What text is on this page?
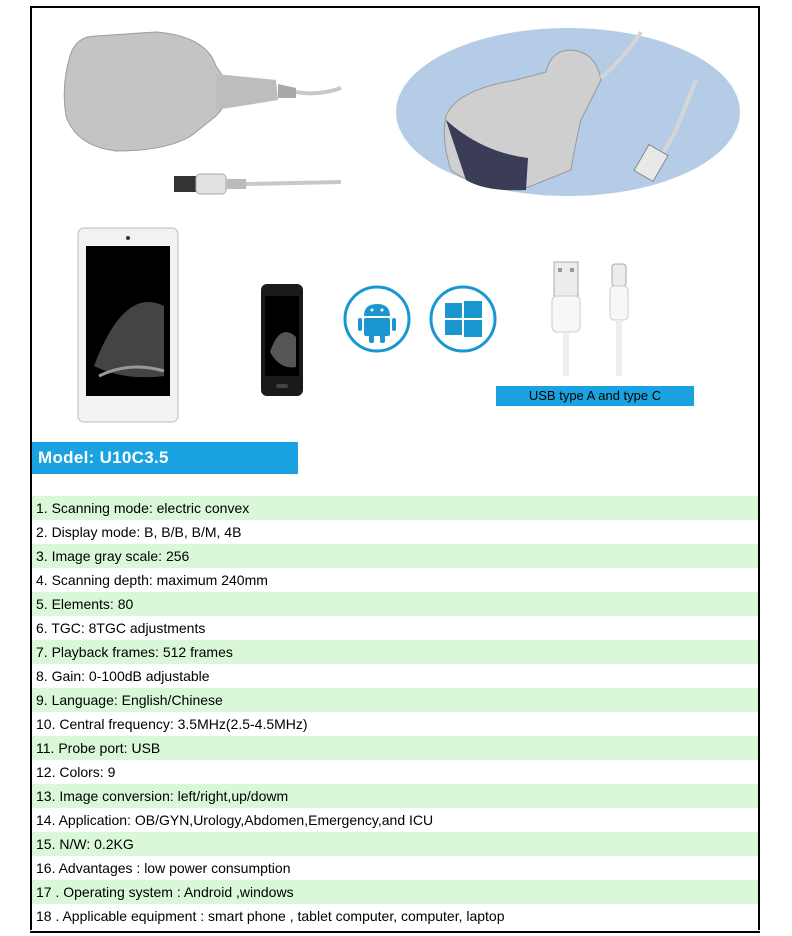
USB type A and type C
Model: U10C3.5
1. Scanning mode: electric convex
2. Display mode: B, B/B, B/M, 4B
3. Image gray scale: 256
4. Scanning depth: maximum 240mm
5. Elements: 80
6. TGC: 8TGC adjustments
7. Playback frames: 512 frames
8. Gain: 0-100dB adjustable
9. Language: English/Chinese
10. Central frequency: 3.5MHz(2.5-4.5MHz)
11. Probe port: USB
12. Colors: 9
13. Image conversion: left/right,up/dowm
14. Application: OB/GYN,Urology,Abdomen,Emergency,and ICU
15. N/W: 0.2KG
16. Advantages : low power consumption
17 . Operating system : Android ,windows
18 . Applicable equipment : smart phone , tablet computer, computer, laptop
